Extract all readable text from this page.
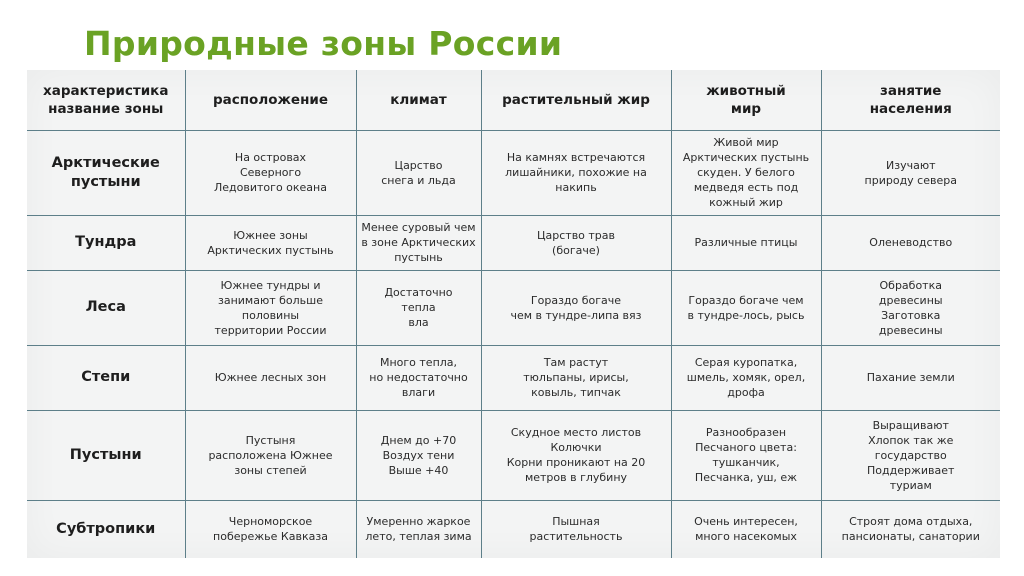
Природные зоны России
характеристика
название зоны	расположение	климат	растительный жир	животный
мир	занятие
населения

Арктические
пустыни	На островах
Северного
Ледовитого океана	Царство
снега и льда	На камнях встречаются
лишайники, похожие на
накипь	Живой мир
Арктических пустынь
скуден. У белого
медведя есть под
кожный жир	Изучают
природу севера

Тундра	Южнее зоны
Арктических пустынь	Менее суровый чем
в зоне Арктических
пустынь	Царство трав
(богаче)	Различные птицы	Оленеводство

Леса	Южнее тундры и
занимают больше
половины
территории России	Достаточно
тепла
вла	Гораздо богаче
чем в тундре-липа вяз	Гораздо богаче чем
в тундре-лось, рысь	Обработка
древесины
Заготовка
древесины

Степи	Южнее лесных зон	Много тепла,
но недостаточно
влаги	Там растут
тюльпаны, ирисы,
ковыль, типчак	Серая куропатка,
шмель, хомяк, орел,
дрофа	Пахание земли

Пустыни	Пустыня
расположена Южнее
зоны степей	Днем до +70
Воздух тени
Выше +40	Скудное место листов
Колючки
Корни проникают на 20
метров в глубину	Разнообразен
Песчаного цвета:
тушканчик,
Песчанка, уш, еж	Выращивают
Хлопок так же
государство
Поддерживает
туриам

Субтропики	Черноморское
побережье Кавказа	Умеренно жаркое
лето, теплая зима	Пышная
растительность	Очень интересен,
много насекомых	Строят дома отдыха,
пансионаты, санатории
